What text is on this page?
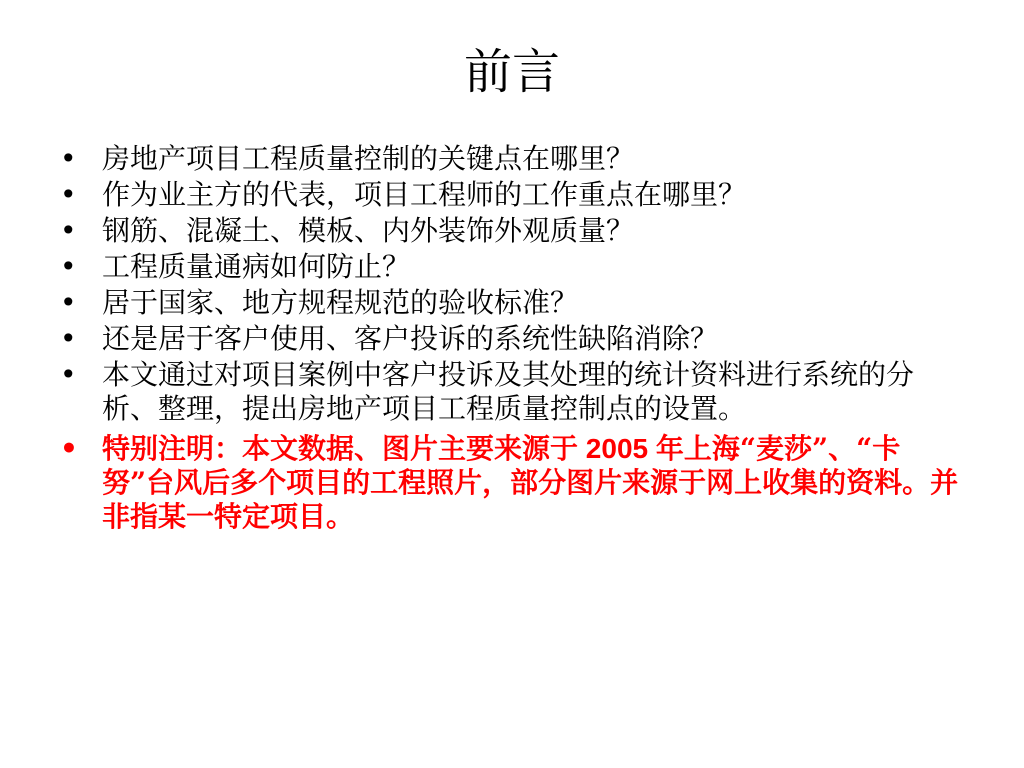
前言
• 房地产项目工程质量控制的关键点在哪里？
• 作为业主方的代表，项目工程师的工作重点在哪里？
• 钢筋、混凝土、模板、内外装饰外观质量？
• 工程质量通病如何防止？
• 居于国家、地方规程规范的验收标准？
• 还是居于客户使用、客户投诉的系统性缺陷消除？
• 本文通过对项目案例中客户投诉及其处理的统计资料进行系统的分析、整理，提出房地产项目工程质量控制点的设置。
• 特别注明：本文数据、图片主要来源于 2005 年上海“麦莎”、“卡努”台风后多个项目的工程照片，部分图片来源于网上收集的资料。并非指某一特定项目。
